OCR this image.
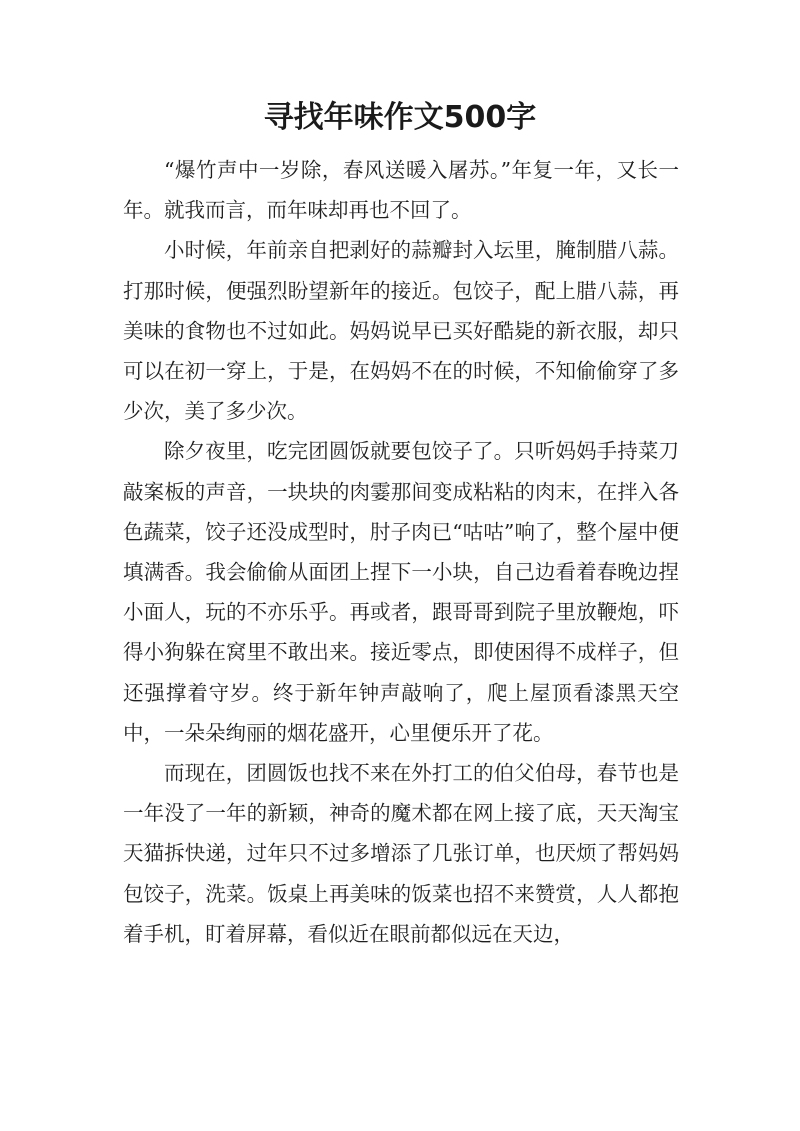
寻找年味作文500字

“爆竹声中一岁除，春风送暖入屠苏。”年复一年，又长一年。就我而言，而年味却再也不回了。

小时候，年前亲自把剥好的蒜瓣封入坛里，腌制腊八蒜。打那时候，便强烈盼望新年的接近。包饺子，配上腊八蒜，再美味的食物也不过如此。妈妈说早已买好酷毙的新衣服，却只可以在初一穿上，于是，在妈妈不在的时候，不知偷偷穿了多少次，美了多少次。

除夕夜里，吃完团圆饭就要包饺子了。只听妈妈手持菜刀敲案板的声音，一块块的肉霎那间变成粘粘的肉末，在拌入各色蔬菜，饺子还没成型时，肘子肉已“咕咕”响了，整个屋中便填满香。我会偷偷从面团上捏下一小块，自己边看着春晚边捏小面人，玩的不亦乐乎。再或者，跟哥哥到院子里放鞭炮，吓得小狗躲在窝里不敢出来。接近零点，即使困得不成样子，但还强撑着守岁。终于新年钟声敲响了，爬上屋顶看漆黑天空中，一朵朵绚丽的烟花盛开，心里便乐开了花。

而现在，团圆饭也找不来在外打工的伯父伯母，春节也是一年没了一年的新颖，神奇的魔术都在网上接了底，天天淘宝天猫拆快递，过年只不过多增添了几张订单，也厌烦了帮妈妈包饺子，洗菜。饭桌上再美味的饭菜也招不来赞赏，人人都抱着手机，盯着屏幕，看似近在眼前都似远在天边，
